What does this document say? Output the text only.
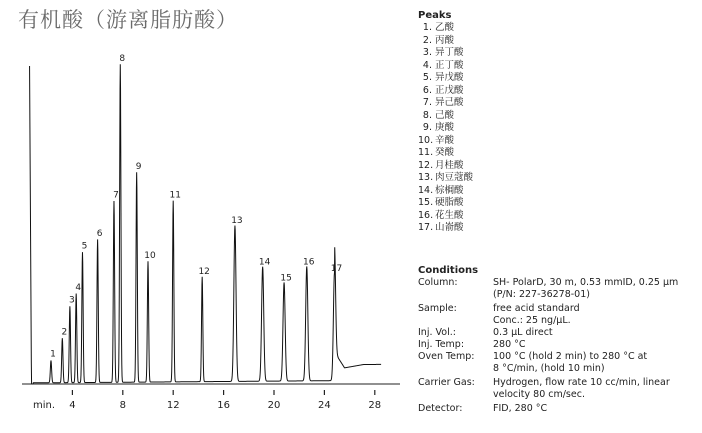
有机酸（游离脂肪酸）
min. 4	8	12	16	20	24	28
1
2
3
4
5
6
7
8
9
10
11
12
13
14
15
16
17
Peaks
1. 乙酸
2. 丙酸
3. 异丁酸
4. 正丁酸
5. 异戊酸
6. 正戊酸
7. 异己酸
8. 己酸
9. 庚酸
10. 辛酸
11. 癸酸
12. 月桂酸
13. 肉豆蔻酸
14. 棕榈酸
15. 硬脂酸
16. 花生酸
17. 山嵛酸
Conditions
Column:	SH- PolarD, 30 m, 0.53 mmID, 0.25 µm
(P/N: 227-36278-01)
Sample:	free acid standard
Conc.: 25 ng/µL.
Inj. Vol.:	0.3 µL direct
Inj. Temp:	280 °C
Oven Temp:	100 °C (hold 2 min) to 280 °C at
8 °C/min, (hold 10 min)
Carrier Gas:	Hydrogen, flow rate 10 cc/min, linear
velocity 80 cm/sec.
Detector:	FID, 280 °C
